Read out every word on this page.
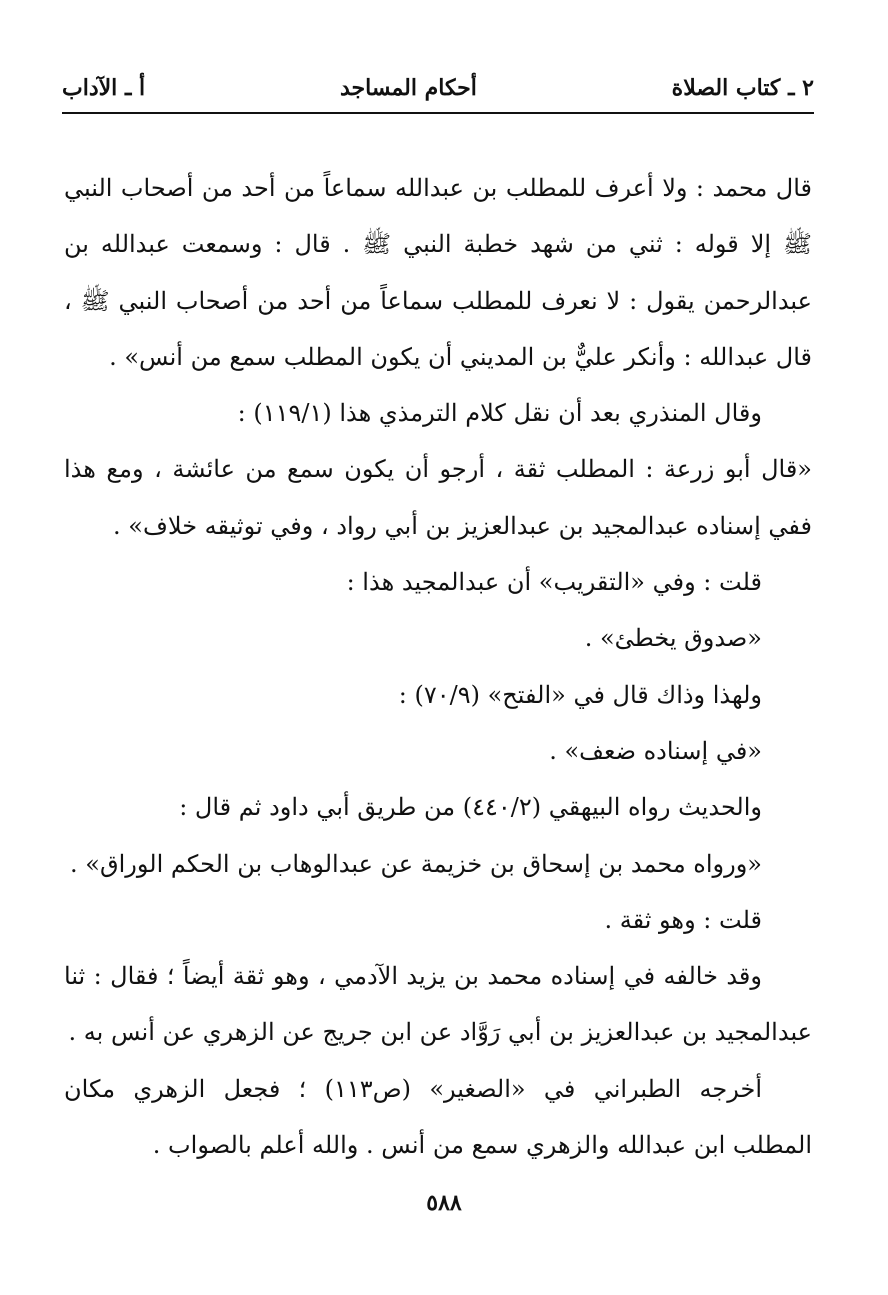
٢ ـ كتاب الصلاة
أحكام المساجد
أ ـ الآداب

قال محمد : ولا أعرف للمطلب بن عبدالله سماعاً من أحد من أصحاب النبي ﷺ إلا قوله : ثني من شهد خطبة النبي ﷺ . قال : وسمعت عبدالله بن عبدالرحمن يقول : لا نعرف للمطلب سماعاً من أحد من أصحاب النبي ﷺ ، قال عبدالله : وأنكر عليٌّ بن المديني أن يكون المطلب سمع من أنس» .

وقال المنذري بعد أن نقل كلام الترمذي هذا (١١٩/١) :

«قال أبو زرعة : المطلب ثقة ، أرجو أن يكون سمع من عائشة ، ومع هذا ففي إسناده عبدالمجيد بن عبدالعزيز بن أبي رواد ، وفي توثيقه خلاف» .

قلت : وفي «التقريب» أن عبدالمجيد هذا :

«صدوق يخطئ» .

ولهذا وذاك قال في «الفتح» (٧٠/٩) :

«في إسناده ضعف» .

والحديث رواه البيهقي (٤٤٠/٢) من طريق أبي داود ثم قال :

«ورواه محمد بن إسحاق بن خزيمة عن عبدالوهاب بن الحكم الوراق» .

قلت : وهو ثقة .

وقد خالفه في إسناده محمد بن يزيد الآدمي ، وهو ثقة أيضاً ؛ فقال : ثنا عبدالمجيد بن عبدالعزيز بن أبي رَوَّاد عن ابن جريج عن الزهري عن أنس به .

أخرجه الطبراني في «الصغير» (ص١١٣) ؛ فجعل الزهري مكان المطلب ابن عبدالله والزهري سمع من أنس . والله أعلم بالصواب .

٥٨٨
